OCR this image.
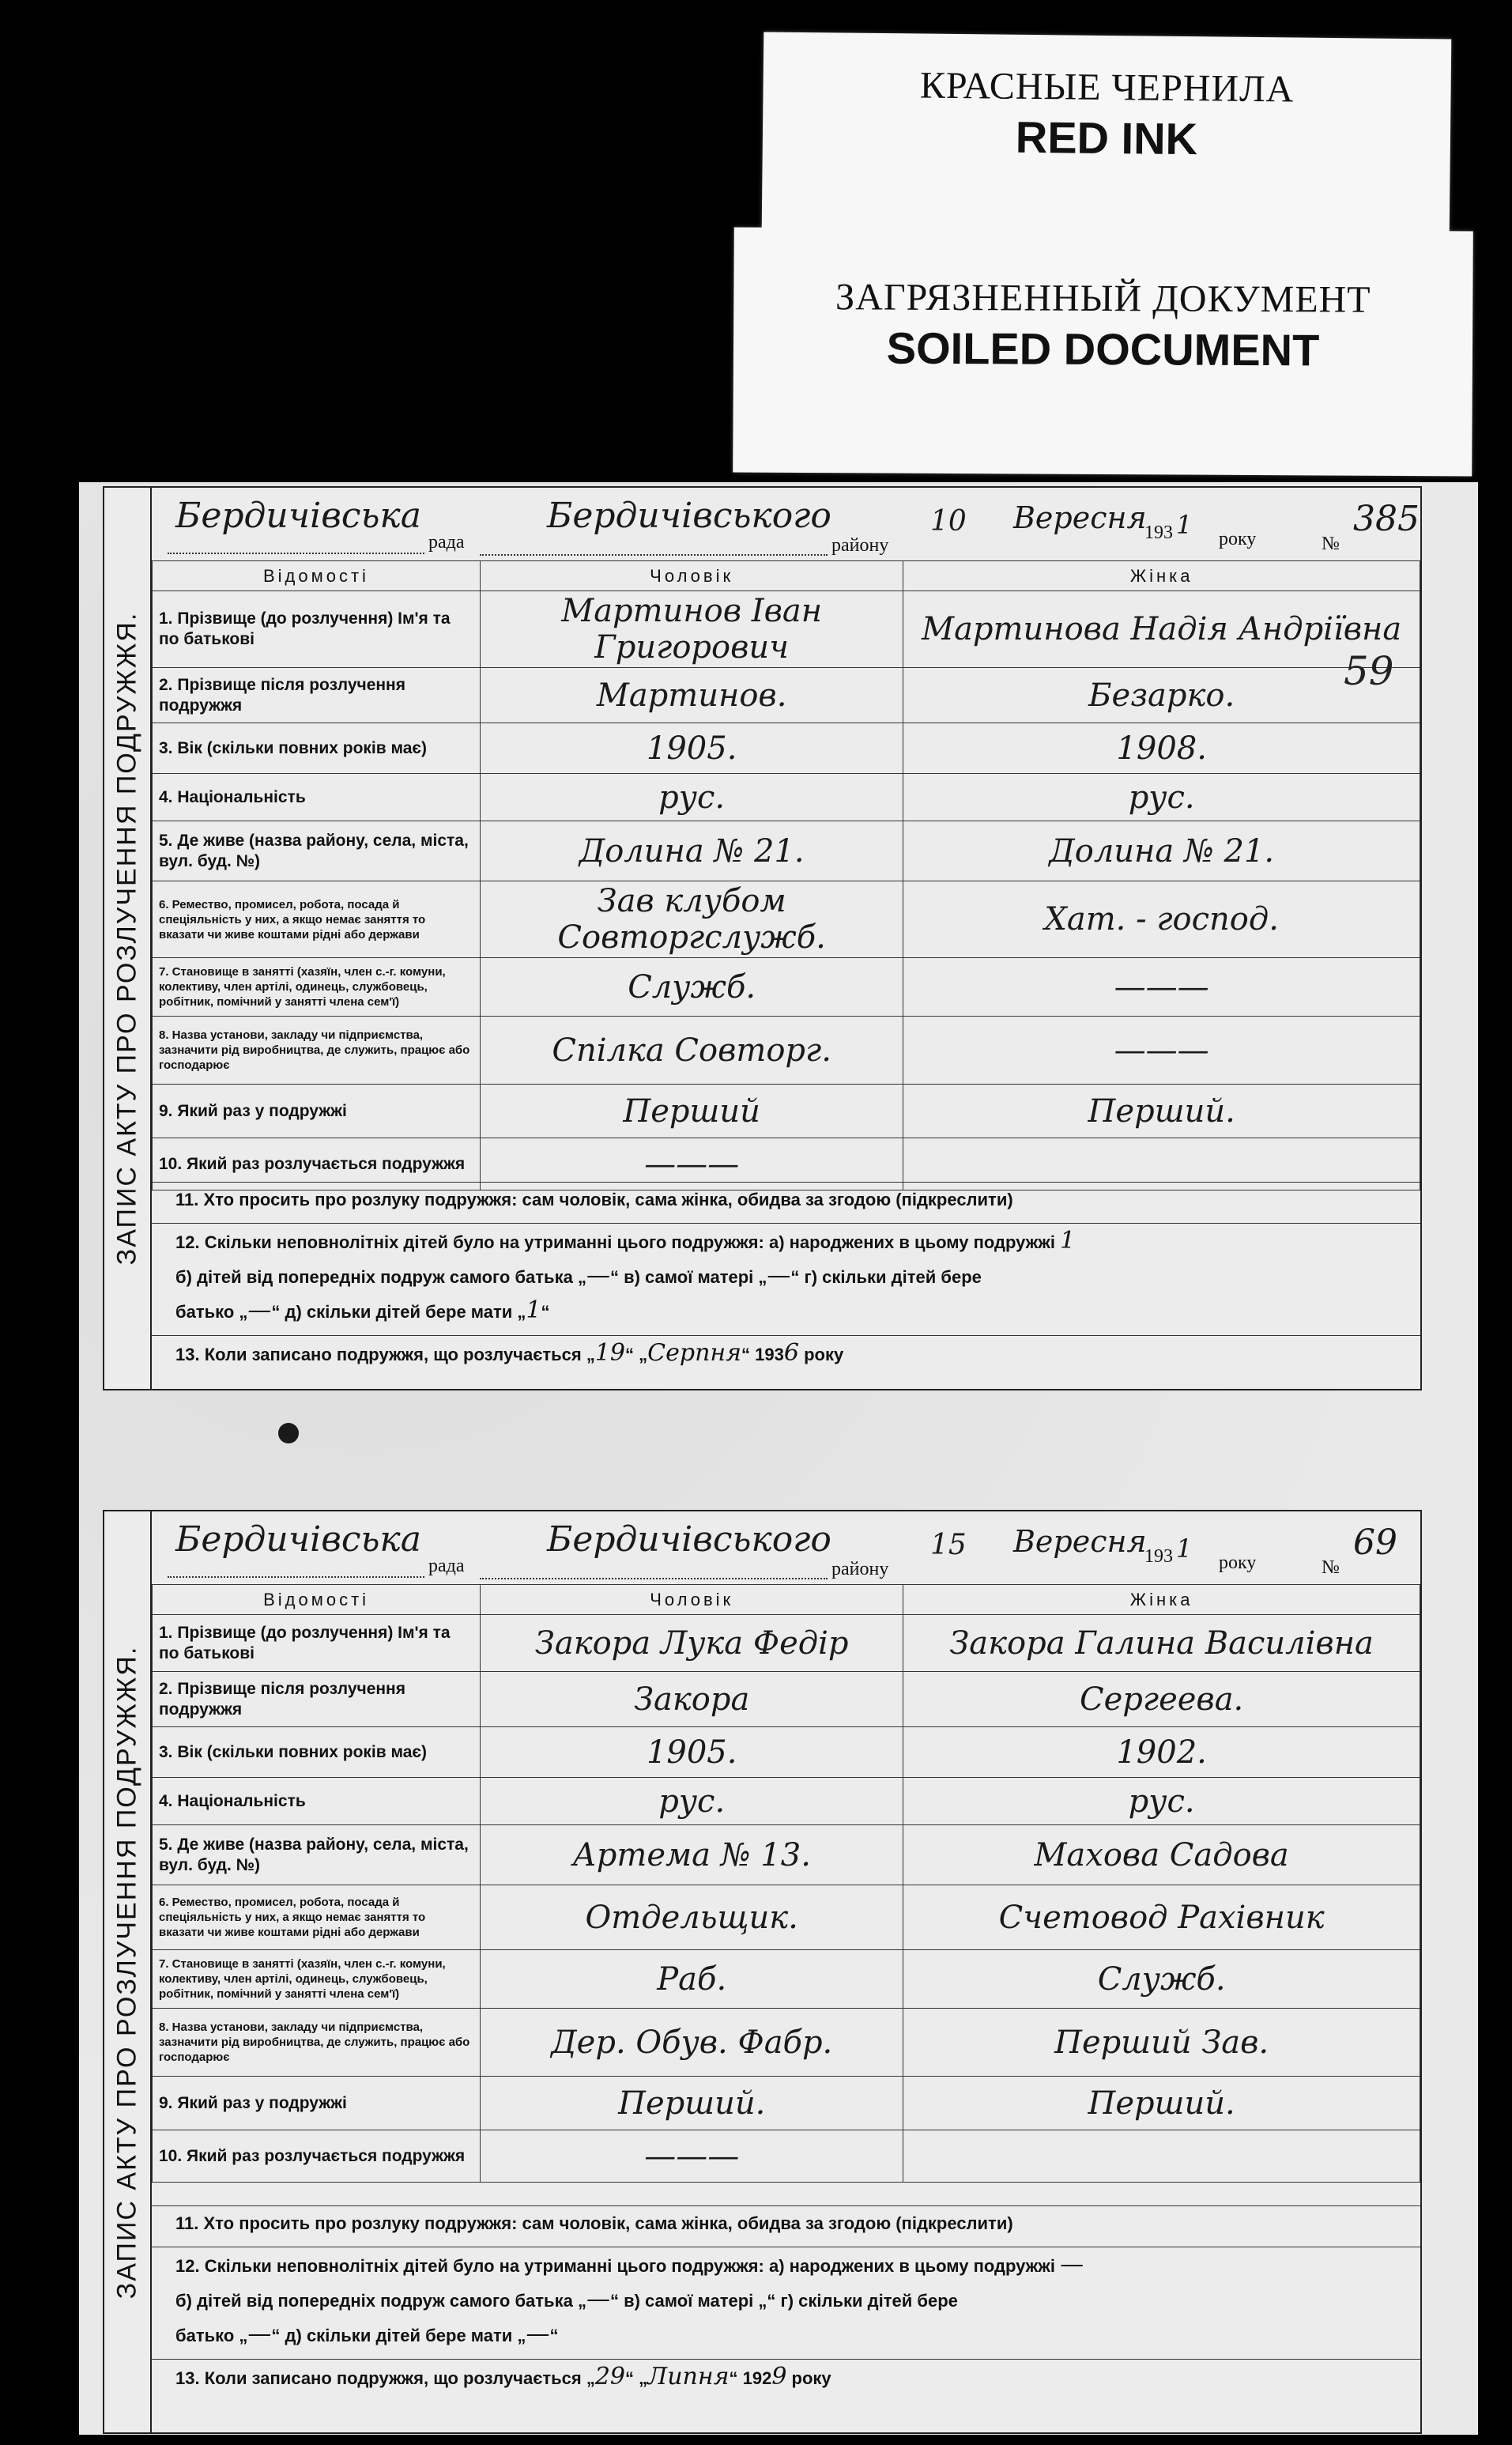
КРАСНЫЕ ЧЕРНИЛА
RED INK
ЗАГРЯЗНЕННЫЙ ДОКУМЕНТ
SOILED DOCUMENT
ЗАПИС АКТУ ПРО РОЗЛУЧЕННЯ ПОДРУЖЖЯ.
Бердичівська
рада
Бердичівського
району
10 Вересня
193 1 року	№
385
Відомості	Чоловік	Жінка
1. Прізвище (до розлучення) Ім'я та по батькові	Мартинов Іван Григорович	Мартинова Надія Андріївна
2. Прізвище після розлучення подружжя	Мартинов.	Безарко.
3. Вік (скільки повних років має)	1905.	1908.
4. Національність	рус.	рус.
5. Де живе (назва району, села, міста, вул. буд. №)	Долина № 21.	Долина № 21.
6. Ремество, промисел, робота, посада й спеціяльність у них, а якщо немає заняття то вказати чи живе коштами рідні або держави	Зав клубом Совторгслужб.	Хат. - господ.
7. Становище в занятті (хазяїн, член с.-г. комуни, колективу, член артілі, одинець, службовець, робітник, помічний у занятті члена сем'ї)	Служб.	———
8. Назва установи, закладу чи підприємства, зазначити рід виробництва, де служить, працює або господарює	Спілка Совторг.	———
9. Який раз у подружжі	Перший	Перший.
10. Який раз розлучається подружжя	———	
11. Хто просить про розлуку подружжя: сам чоловік, сама жінка, обидва за згодою (підкреслити)
12. Скільки неповнолітніх дітей було на утриманні цього подружжя: а) народжених в цьому подружжі 1
б) дітей від попередніх подруж самого батька „—“ в) самої матері „—“ г) скільки дітей бере
батько „—“ д) скільки дітей бере мати „1“
13. Коли записано подружжя, що розлучається „19“ „Серпня“ 1936 року
ЗАПИС АКТУ ПРО РОЗЛУЧЕННЯ ПОДРУЖЖЯ.
Бердичівська
рада
Бердичівського
району
15 Вересня
193 1 року	№
69
Відомості	Чоловік	Жінка
1. Прізвище (до розлучення) Ім'я та по батькові	Закора Лука Федір	Закора Галина Василівна
2. Прізвище після розлучення подружжя	Закора	Сергеева.
3. Вік (скільки повних років має)	1905.	1902.
4. Національність	рус.	рус.
5. Де живе (назва району, села, міста, вул. буд. №)	Артема № 13.	Махова Садова
6. Ремество, промисел, робота, посада й спеціяльність у них, а якщо немає заняття то вказати чи живе коштами рідні або держави	Отдельщик.	Счетовод Рахівник
7. Становище в занятті (хазяїн, член с.-г. комуни, колективу, член артілі, одинець, службовець, робітник, помічний у занятті члена сем'ї)	Раб.	Служб.
8. Назва установи, закладу чи підприємства, зазначити рід виробництва, де служить, працює або господарює	Дер. Обув. Фабр.	Перший Зав.
9. Який раз у подружжі	Перший.	Перший.
10. Який раз розлучається подружжя	———	
11. Хто просить про розлуку подружжя: сам чоловік, сама жінка, обидва за згодою (підкреслити)
12. Скільки неповнолітніх дітей було на утриманні цього подружжя: а) народжених в цьому подружжі —
б) дітей від попередніх подруж самого батька „—“ в) самої матері „“ г) скільки дітей бере
батько „—“ д) скільки дітей бере мати „—“
13. Коли записано подружжя, що розлучається „29“ „Липня“ 1929 року
59
